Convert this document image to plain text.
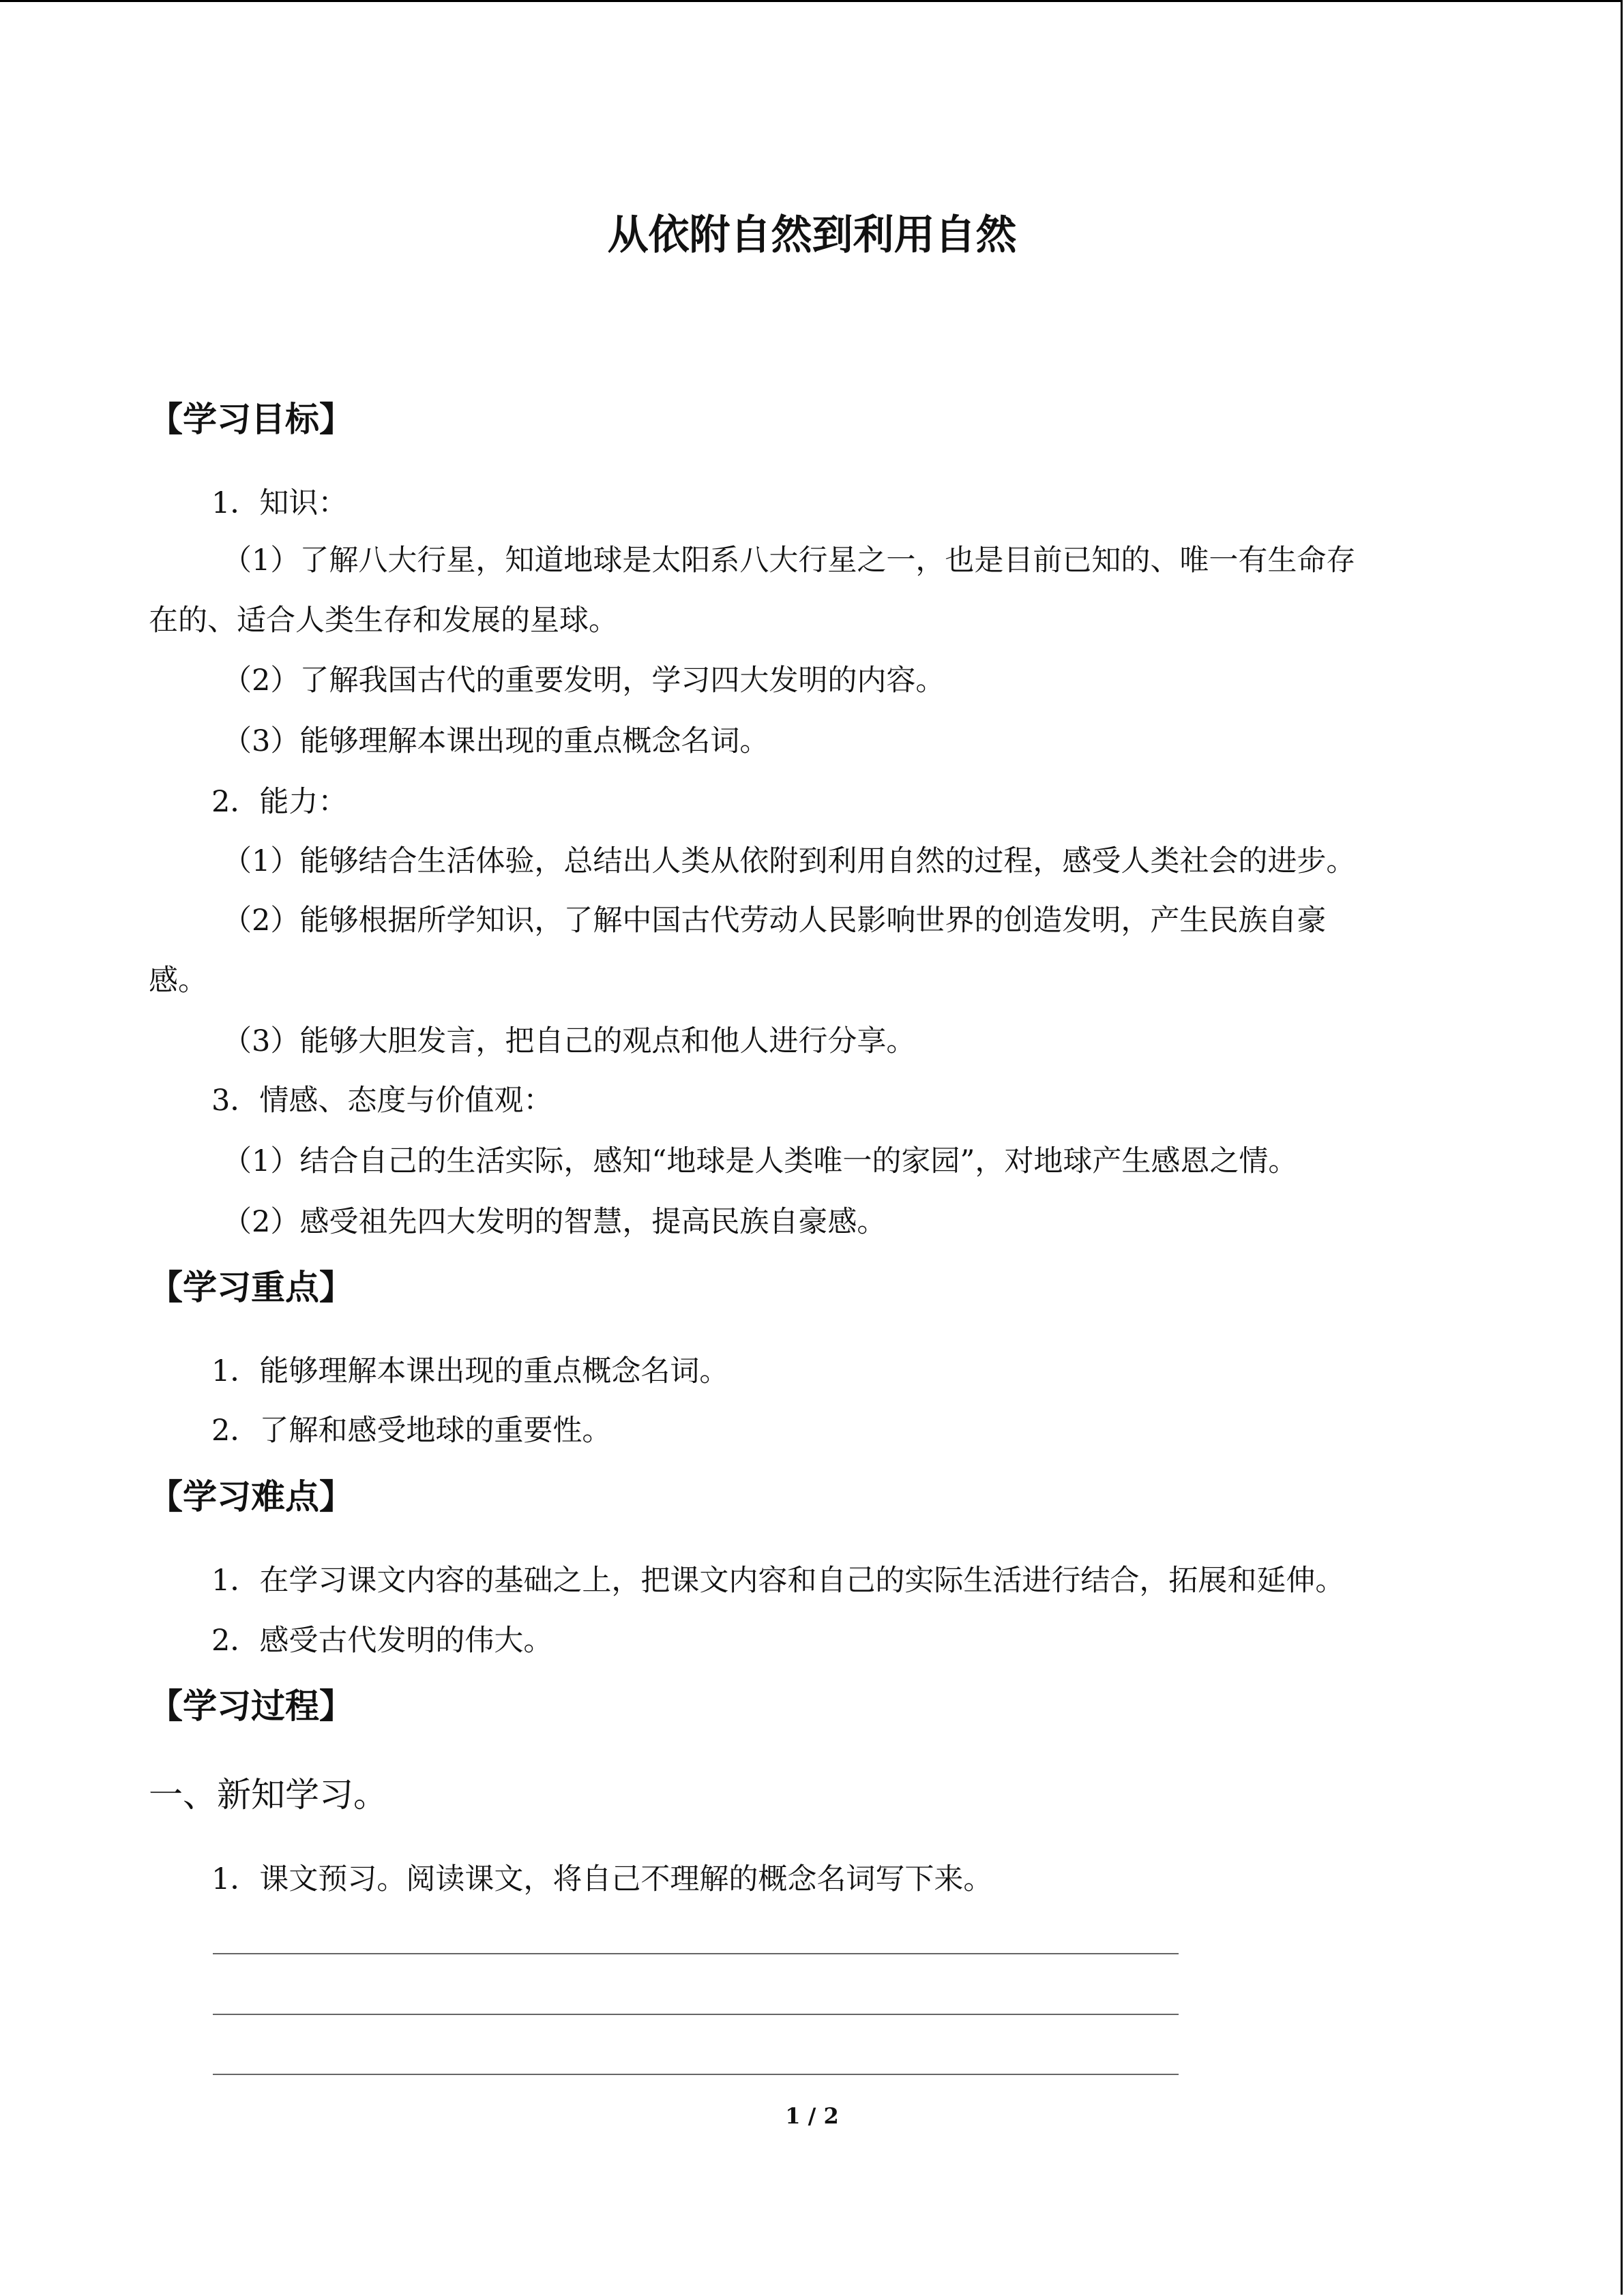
从依附自然到利用自然
【学习目标】
1．知识：
（1）了解八大行星，知道地球是太阳系八大行星之一，也是目前已知的、唯一有生命存
在的、适合人类生存和发展的星球。
（2）了解我国古代的重要发明，学习四大发明的内容。
（3）能够理解本课出现的重点概念名词。
2．能力：
（1）能够结合生活体验，总结出人类从依附到利用自然的过程，感受人类社会的进步。
（2）能够根据所学知识，了解中国古代劳动人民影响世界的创造发明，产生民族自豪
感。
（3）能够大胆发言，把自己的观点和他人进行分享。
3．情感、态度与价值观：
（1）结合自己的生活实际，感知“地球是人类唯一的家园”，对地球产生感恩之情。
（2）感受祖先四大发明的智慧，提高民族自豪感。
【学习重点】
1．能够理解本课出现的重点概念名词。
2．了解和感受地球的重要性。
【学习难点】
1．在学习课文内容的基础之上，把课文内容和自己的实际生活进行结合，拓展和延伸。
2．感受古代发明的伟大。
【学习过程】
一、新知学习。
1．课文预习。阅读课文，将自己不理解的概念名词写下来。
1 / 2
